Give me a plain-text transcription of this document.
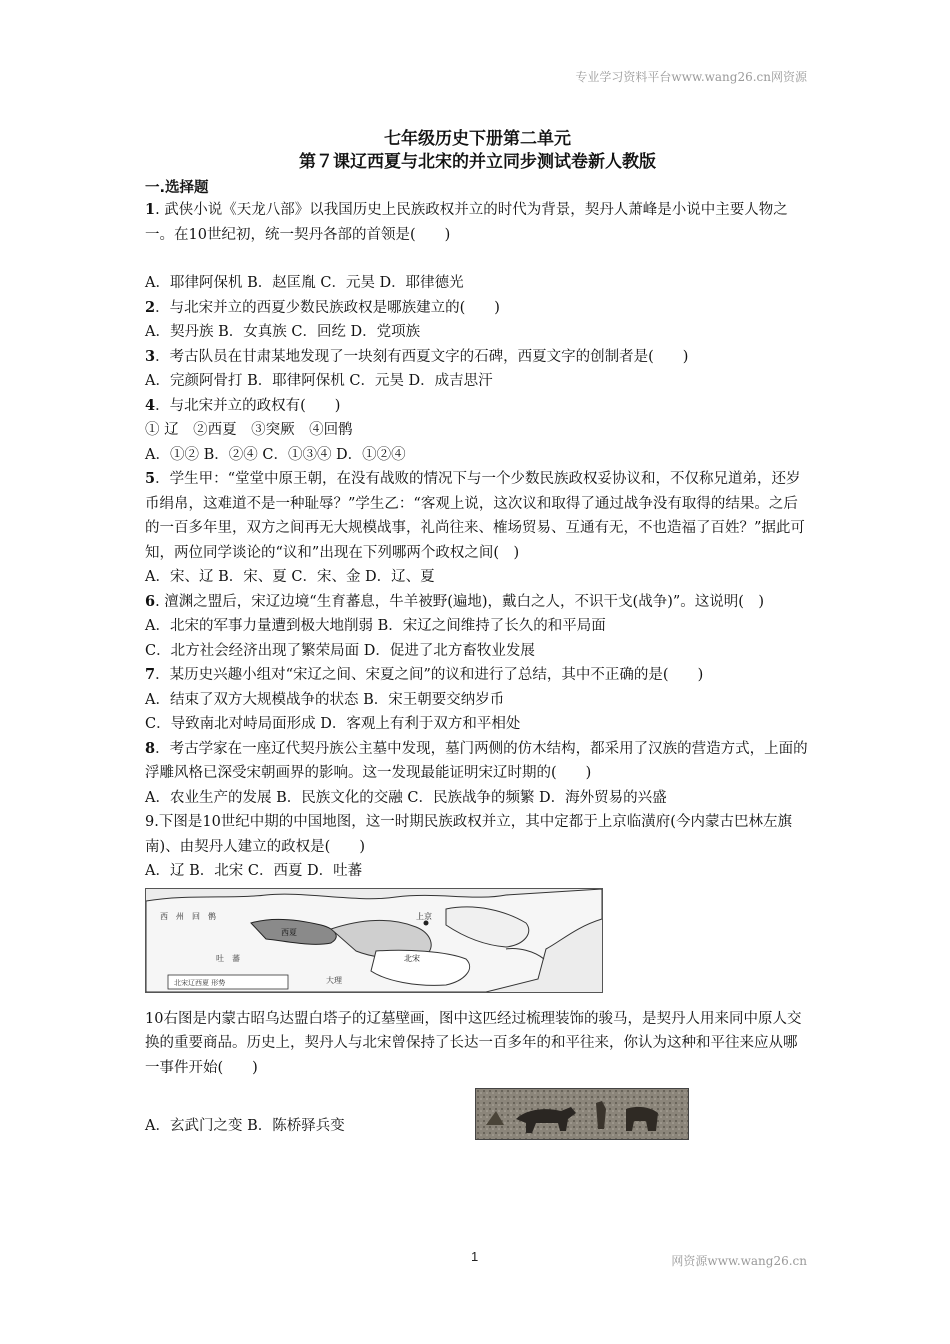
专业学习资料平台www.wang26.cn网资源

七年级历史下册第二单元

第７课辽西夏与北宋的并立同步测试卷新人教版

一.选择题
1. 武侠小说《天龙八部》以我国历史上民族政权并立的时代为背景，契丹人萧峰是小说中主要人物之一。在10世纪初，统一契丹各部的首领是(　　)
A．耶律阿保机 B．赵匡胤 C．元昊 D．耶律德光
2．与北宋并立的西夏少数民族政权是哪族建立的(　　)
A．契丹族 B．女真族 C．回纥 D．党项族
3．考古队员在甘肃某地发现了一块刻有西夏文字的石碑，西夏文字的创制者是(　　)
A．完颜阿骨打 B．耶律阿保机 C．元昊 D．成吉思汗
4．与北宋并立的政权有(　　)
① 辽　②西夏　③突厥　④回鹘
A．①② B．②④ C．①③④ D．①②④
5．学生甲：“堂堂中原王朝，在没有战败的情况下与一个少数民族政权妥协议和，不仅称兄道弟，还岁币绢帛，这难道不是一种耻辱？”学生乙：“客观上说，这次议和取得了通过战争没有取得的结果。之后的一百多年里，双方之间再无大规模战事，礼尚往来、榷场贸易、互通有无，不也造福了百姓？”据此可知，两位同学谈论的“议和”出现在下列哪两个政权之间(　)
A．宋、辽 B．宋、夏 C．宋、金 D．辽、夏
6. 澶渊之盟后，宋辽边境“生育蕃息，牛羊被野(遍地)，戴白之人，不识干戈(战争)”。这说明(　)
A．北宋的军事力量遭到极大地削弱 B．宋辽之间维持了长久的和平局面
C．北方社会经济出现了繁荣局面 D．促进了北方畜牧业发展
7．某历史兴趣小组对“宋辽之间、宋夏之间”的议和进行了总结，其中不正确的是(　　)
A．结束了双方大规模战争的状态 B．宋王朝要交纳岁币
C．导致南北对峙局面形成 D．客观上有利于双方和平相处
8．考古学家在一座辽代契丹族公主墓中发现，墓门两侧的仿木结构，都采用了汉族的营造方式，上面的浮雕风格已深受宋朝画界的影响。这一发现最能证明宋辽时期的(　　)
A．农业生产的发展 B．民族文化的交融 C．民族战争的频繁 D．海外贸易的兴盛
9.下图是10世纪中期的中国地图，这一时期民族政权并立，其中定都于上京临潢府(今内蒙古巴林左旗南)、由契丹人建立的政权是(　　)
A．辽 B．北宋 C．西夏 D．吐蕃
西　州　回　鹘
西夏
上京
北宋
吐　蕃
大理
北宋辽西夏 形势
10右图是内蒙古昭乌达盟白塔子的辽墓壁画，图中这匹经过梳理装饰的骏马，是契丹人用来同中原人交换的重要商品。历史上，契丹人与北宋曾保持了长达一百多年的和平往来，你认为这种和平往来应从哪一事件开始(　　)
A．玄武门之变 B．陈桥驿兵变
1	网资源www.wang26.cn
